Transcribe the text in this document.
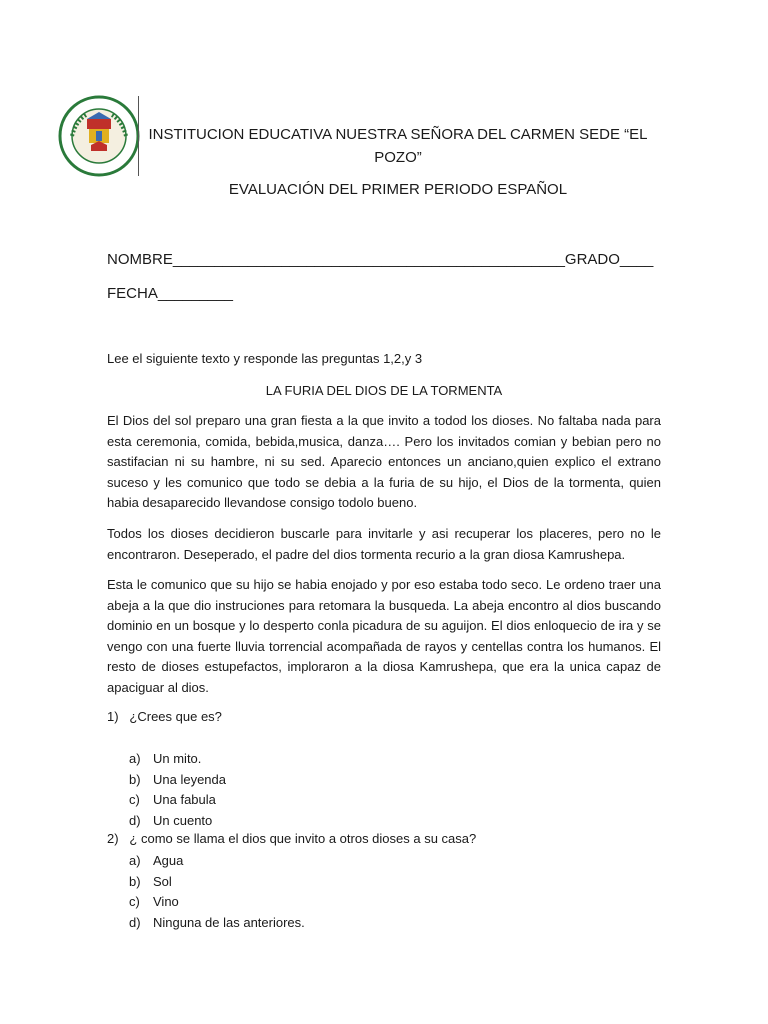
INSTITUCION EDUCATIVA NUESTRA SEÑORA DEL CARMEN SEDE “EL POZO”
EVALUACIÓN DEL PRIMER PERIODO ESPAÑOL
NOMBRE_______________________________________________GRADO____
FECHA_________
Lee el siguiente texto y responde las preguntas 1,2,y 3
LA FURIA DEL DIOS DE LA TORMENTA

El Dios del sol preparo una gran fiesta a la que invito a todod los dioses. No faltaba nada para esta ceremonia, comida, bebida,musica, danza…. Pero los invitados comian y bebian pero no sastifacian ni su hambre, ni su sed. Aparecio entonces un anciano,quien explico el extrano suceso y les comunico que todo se debia a la furia de su hijo, el Dios de la tormenta, quien habia desaparecido llevandose consigo todolo bueno.

Todos los dioses decidieron buscarle para invitarle y asi recuperar los placeres, pero no le encontraron. Deseperado, el padre del dios tormenta recurio a la gran diosa Kamrushepa.

Esta le comunico que su hijo se habia enojado y por eso estaba todo seco. Le ordeno traer una abeja a la que dio instruciones para retomara la busqueda. La abeja encontro al dios buscando dominio en un bosque y lo desperto conla picadura de su aguijon. El dios enloquecio de ira y se vengo con una fuerte lluvia torrencial acompañada de rayos y centellas contra los humanos. El resto de dioses estupefactos, imploraron a la diosa Kamrushepa, que era la unica capaz de apaciguar al dios.

1) ¿Crees que es?
a) Un mito.
b) Una leyenda
c)	Una fabula
d) Un cuento
2) ¿ como se llama el dios que invito a otros dioses a su casa?
a) Agua
b) Sol
c)	Vino
d) Ninguna de las anteriores.
